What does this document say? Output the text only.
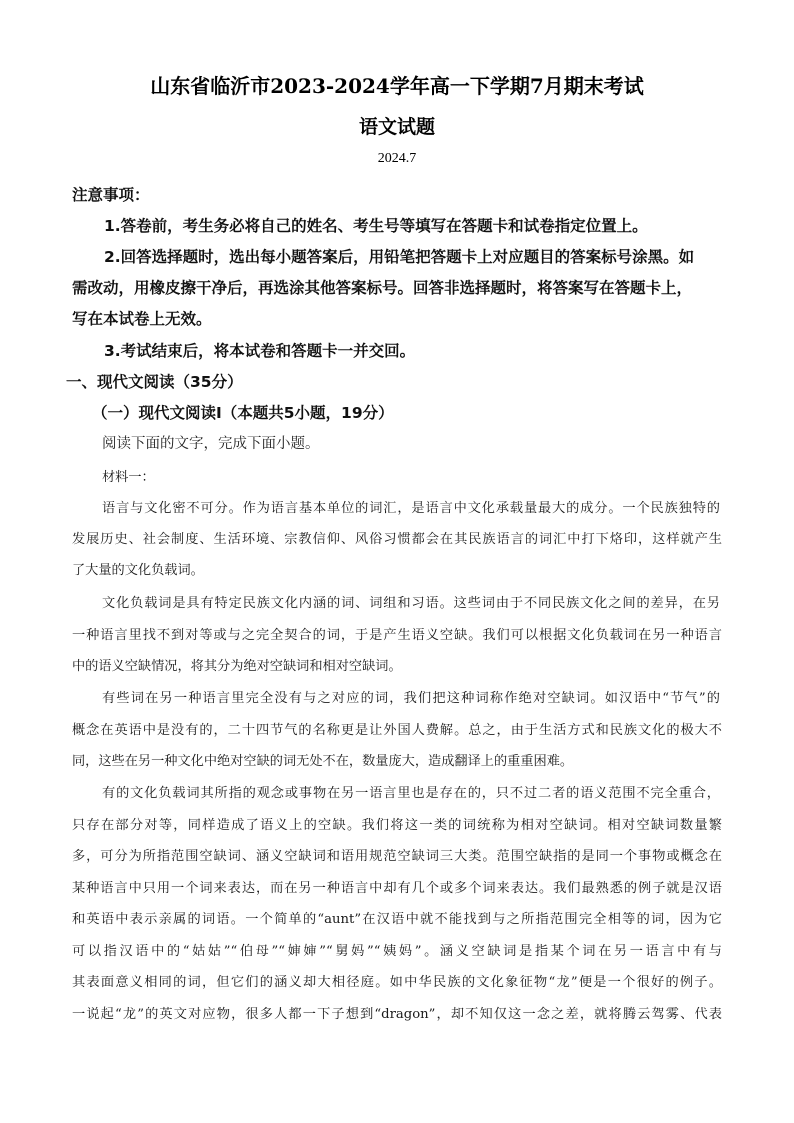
山东省临沂市2023-2024学年高一下学期7月期末考试
语文试题
2024.7
注意事项：
1.答卷前，考生务必将自己的姓名、考生号等填写在答题卡和试卷指定位置上。
2.回答选择题时，选出每小题答案后，用铅笔把答题卡上对应题目的答案标号涂黑。如
需改动，用橡皮擦干净后，再选涂其他答案标号。回答非选择题时，将答案写在答题卡上，
写在本试卷上无效。
3.考试结束后，将本试卷和答题卡一并交回。
一、现代文阅读（35分）
（一）现代文阅读Ⅰ（本题共5小题，19分）
阅读下面的文字，完成下面小题。
材料一：
语言与文化密不可分。作为语言基本单位的词汇，是语言中文化承载量最大的成分。一个民族独特的
发展历史、社会制度、生活环境、宗教信仰、风俗习惯都会在其民族语言的词汇中打下烙印，这样就产生
了大量的文化负载词。
文化负载词是具有特定民族文化内涵的词、词组和习语。这些词由于不同民族文化之间的差异，在另
一种语言里找不到对等或与之完全契合的词，于是产生语义空缺。我们可以根据文化负载词在另一种语言
中的语义空缺情况，将其分为绝对空缺词和相对空缺词。
有些词在另一种语言里完全没有与之对应的词，我们把这种词称作绝对空缺词。如汉语中“节气”的
概念在英语中是没有的，二十四节气的名称更是让外国人费解。总之，由于生活方式和民族文化的极大不
同，这些在另一种文化中绝对空缺的词无处不在，数量庞大，造成翻译上的重重困难。
有的文化负载词其所指的观念或事物在另一语言里也是存在的，只不过二者的语义范围不完全重合，
只存在部分对等，同样造成了语义上的空缺。我们将这一类的词统称为相对空缺词。相对空缺词数量繁
多，可分为所指范围空缺词、涵义空缺词和语用规范空缺词三大类。范围空缺指的是同一个事物或概念在
某种语言中只用一个词来表达，而在另一种语言中却有几个或多个词来表达。我们最熟悉的例子就是汉语
和英语中表示亲属的词语。一个简单的“aunt”在汉语中就不能找到与之所指范围完全相等的词，因为它
可以指汉语中的“姑姑”“伯母”“婶婶”“舅妈”“姨妈”。涵义空缺词是指某个词在另一语言中有与
其表面意义相同的词，但它们的涵义却大相径庭。如中华民族的文化象征物“龙”便是一个很好的例子。
一说起“龙”的英文对应物，很多人都一下子想到“dragon”，却不知仅这一念之差，就将腾云驾雾、代表
